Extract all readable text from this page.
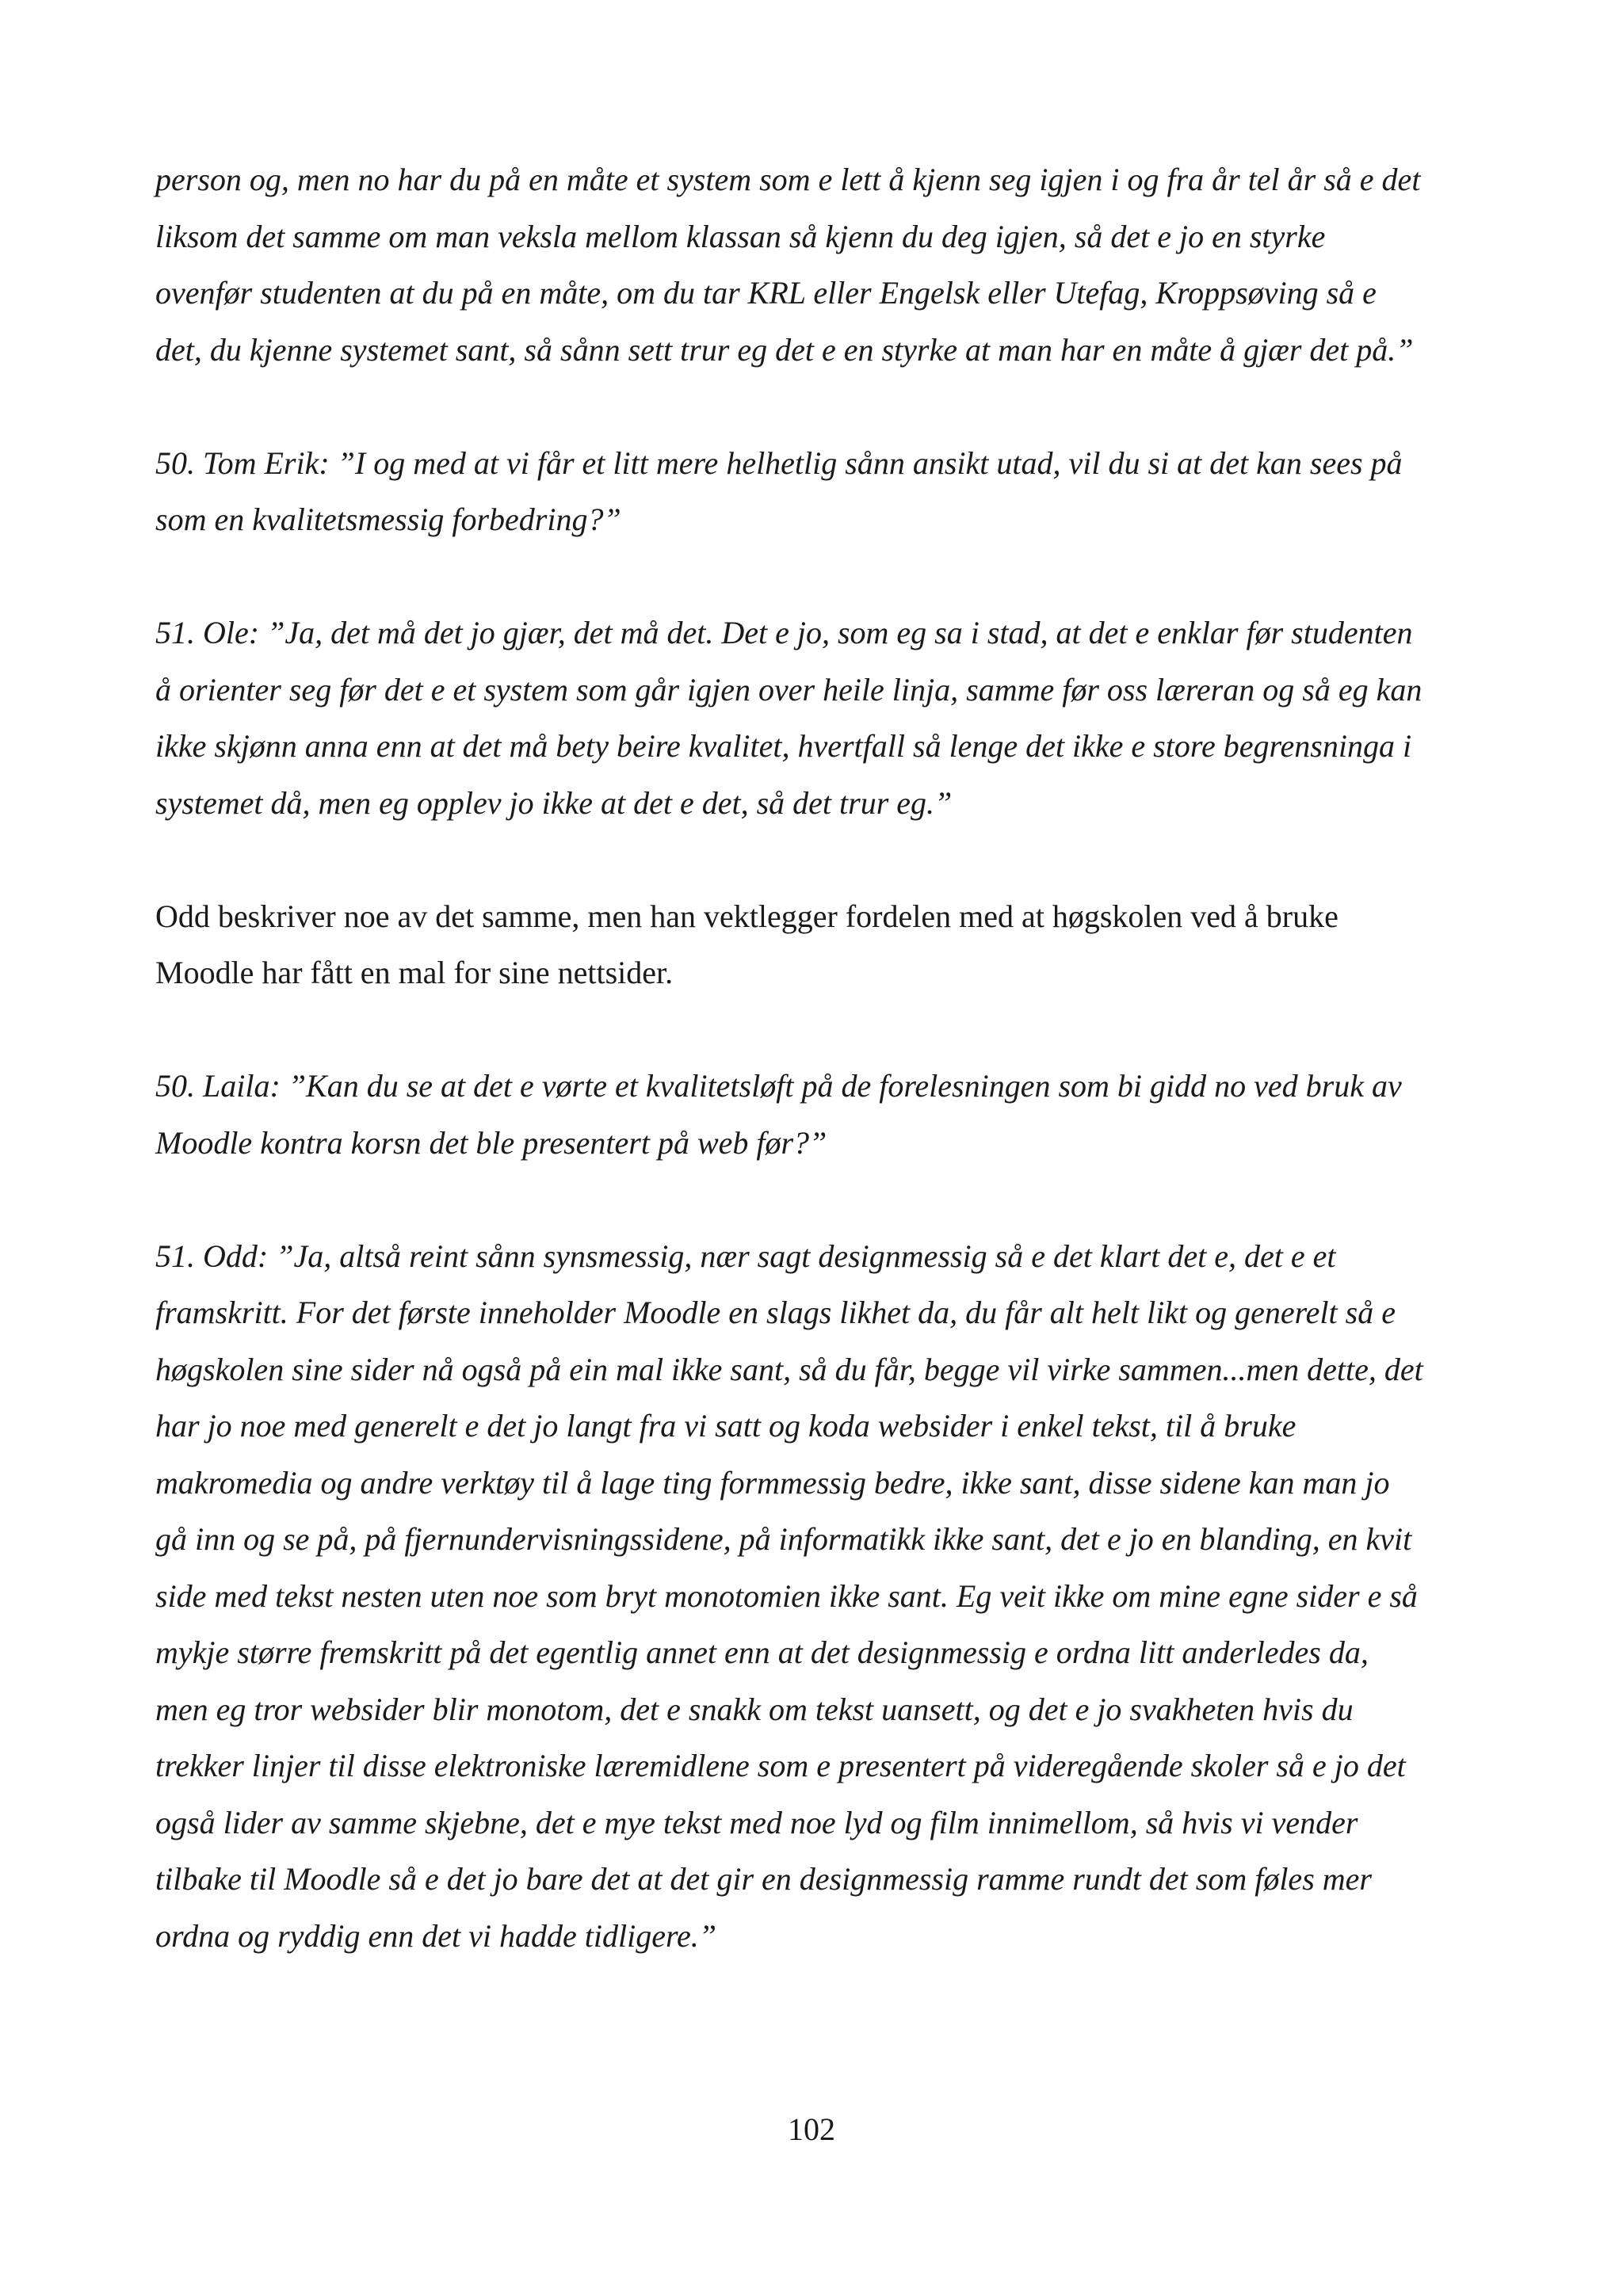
person og, men no har du på en måte et system som e lett å kjenn seg igjen i og fra år tel år så e det
liksom det samme om man veksla mellom klassan så kjenn du deg igjen, så det e jo en styrke
ovenfør studenten at du på en måte, om du tar KRL eller Engelsk eller Utefag, Kroppsøving så e
det, du kjenne systemet sant, så sånn sett trur eg det e en styrke at man har en måte å gjær det på.”

50. Tom Erik: ”I og med at vi får et litt mere helhetlig sånn ansikt utad, vil du si at det kan sees på
som en kvalitetsmessig forbedring?”

51. Ole: ”Ja, det må det jo gjær, det må det. Det e jo, som eg sa i stad, at det e enklar før studenten
å orienter seg før det e et system som går igjen over heile linja, samme før oss læreran og så eg kan
ikke skjønn anna enn at det må bety beire kvalitet, hvertfall så lenge det ikke e store begrensninga i
systemet då, men eg opplev jo ikke at det e det, så det trur eg.”

Odd beskriver noe av det samme, men han vektlegger fordelen med at høgskolen ved å bruke
Moodle har fått en mal for sine nettsider.

50. Laila: ”Kan du se at det e vørte et kvalitetsløft på de forelesningen som bi gidd no ved bruk av
Moodle kontra korsn det ble presentert på web før?”

51. Odd: ”Ja, altså reint sånn synsmessig, nær sagt designmessig så e det klart det e, det e et
framskritt. For det første inneholder Moodle en slags likhet da, du får alt helt likt og generelt så e
høgskolen sine sider nå også på ein mal ikke sant, så du får, begge vil virke sammen...men dette, det
har jo noe med generelt e det jo langt fra vi satt og koda websider i enkel tekst, til å bruke
makromedia og andre verktøy til å lage ting formmessig bedre, ikke sant, disse sidene kan man jo
gå inn og se på, på fjernundervisningssidene, på informatikk ikke sant, det e jo en blanding, en kvit
side med tekst nesten uten noe som bryt monotomien ikke sant. Eg veit ikke om mine egne sider e så
mykje større fremskritt på det egentlig annet enn at det designmessig e ordna litt anderledes da,
men eg tror websider blir monotom, det e snakk om tekst uansett, og det e jo svakheten hvis du
trekker linjer til disse elektroniske læremidlene som e presentert på videregående skoler så e jo det
også lider av samme skjebne, det e mye tekst med noe lyd og film innimellom, så hvis vi vender
tilbake til Moodle så e det jo bare det at det gir en designmessig ramme rundt det som føles mer
ordna og ryddig enn det vi hadde tidligere.”

102
